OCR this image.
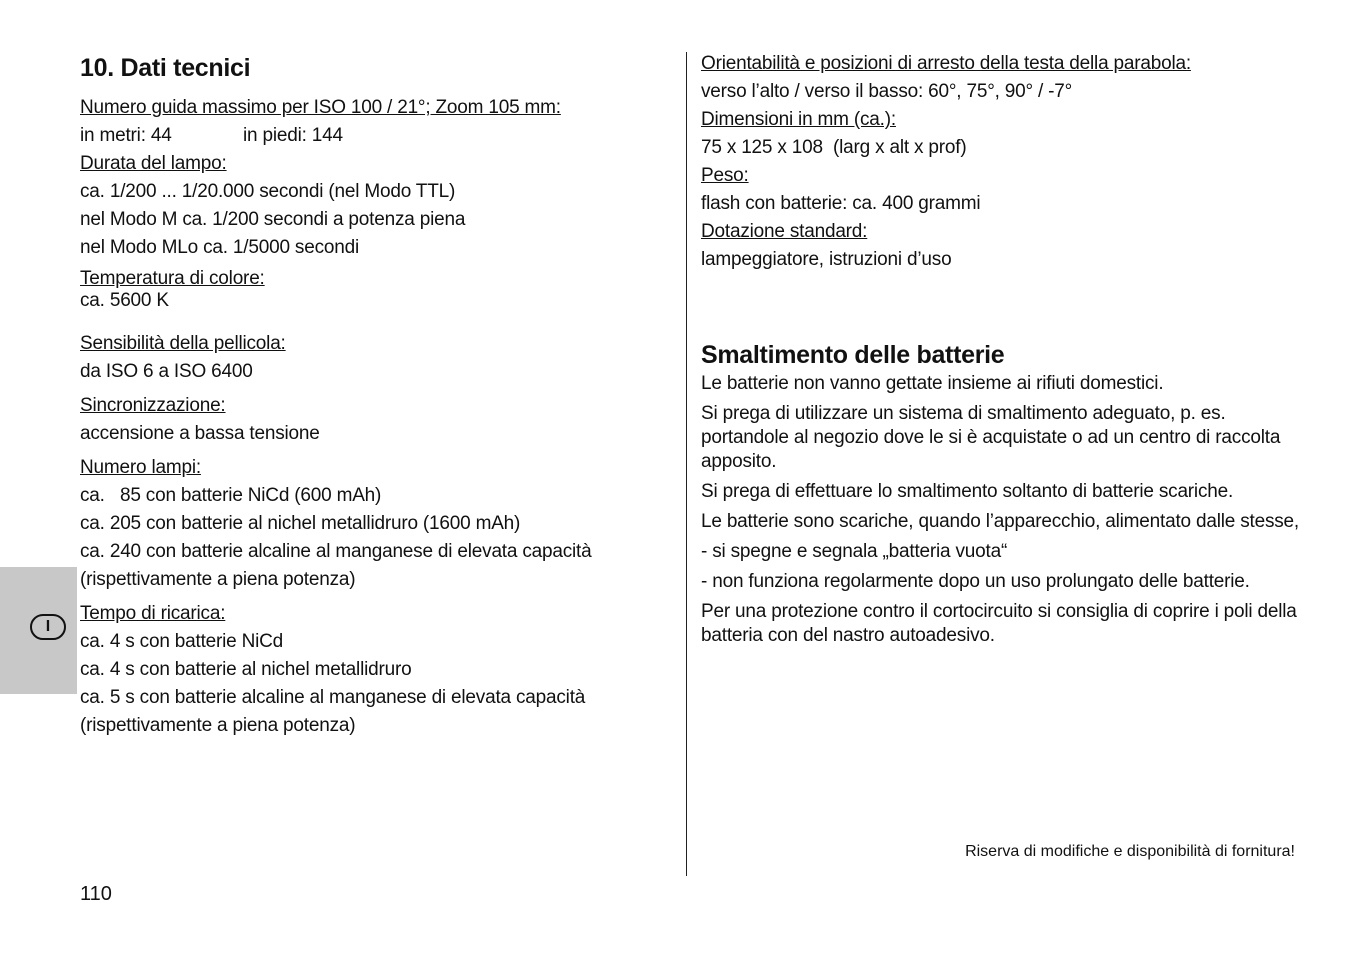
I
10. Dati tecnici
Numero guida massimo per ISO 100 / 21°; Zoom 105 mm:
in metri: 44	in piedi: 144
Durata del lampo:
ca. 1/200 ... 1/20.000 secondi (nel Modo TTL)
nel Modo M ca. 1/200 secondi a potenza piena
nel Modo MLo ca. 1/5000 secondi
Temperatura di colore:
ca. 5600 K
Sensibilità della pellicola:
da ISO 6 a ISO 6400
Sincronizzazione:
accensione a bassa tensione
Numero lampi:
ca.   85 con batterie NiCd (600 mAh)
ca. 205 con batterie al nichel metallidruro (1600 mAh)
ca. 240 con batterie alcaline al manganese di elevata capacità
(rispettivamente a piena potenza)
Tempo di ricarica:
ca. 4 s con batterie NiCd
ca. 4 s con batterie al nichel metallidruro
ca. 5 s con batterie alcaline al manganese di elevata capacità
(rispettivamente a piena potenza)
Orientabilità e posizioni di arresto della testa della parabola:
verso l’alto / verso il basso: 60°, 75°, 90° / -7°
Dimensioni in mm (ca.):
75 x 125 x 108  (larg x alt x prof)
Peso:
flash con batterie: ca. 400 grammi
Dotazione standard:
lampeggiatore, istruzioni d’uso
Smaltimento delle batterie
Le batterie non vanno gettate insieme ai rifiuti domestici.
Si prega di utilizzare un sistema di smaltimento adeguato, p. es. portandole al negozio dove le si è acquistate o ad un centro di raccolta apposito.
Si prega di effettuare lo smaltimento soltanto di batterie scariche.
Le batterie sono scariche, quando l’apparecchio, alimentato dalle stesse,
- si spegne e segnala „batteria vuota“
- non funziona regolarmente dopo un uso prolungato delle batterie.
Per una protezione contro il cortocircuito si consiglia di coprire i poli della batteria con del nastro autoadesivo.
Riserva di modifiche e disponibilità di fornitura!
110
